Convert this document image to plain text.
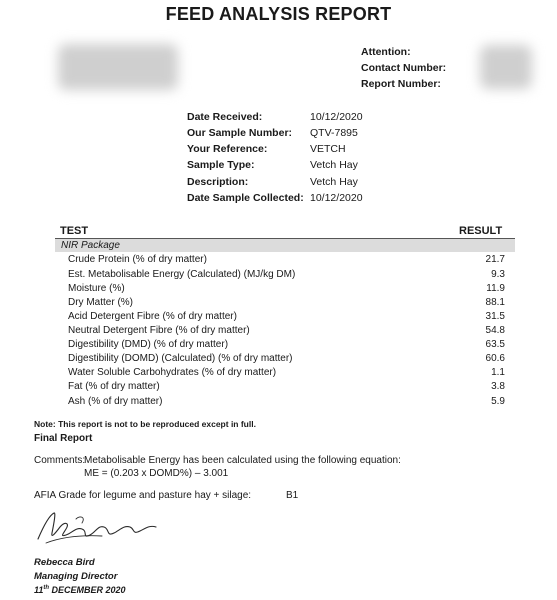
FEED ANALYSIS REPORT
Attention:
Contact Number:
Report Number:
Date Received:	10/12/2020
Our Sample Number: QTV-7895
Your Reference:	VETCH
Sample Type:	Vetch Hay
Description:	Vetch Hay
Date Sample Collected: 10/12/2020
TEST	RESULT
NIR Package
Crude Protein (% of dry matter)	21.7
Est. Metabolisable Energy (Calculated) (MJ/kg DM)	9.3
Moisture (%)	11.9
Dry Matter (%)	88.1
Acid Detergent Fibre (% of dry matter)	31.5
Neutral Detergent Fibre (% of dry matter)	54.8
Digestibility (DMD) (% of dry matter)	63.5
Digestibility (DOMD) (Calculated) (% of dry matter)	60.6
Water Soluble Carbohydrates (% of dry matter)	1.1
Fat (% of dry matter)	3.8
Ash (% of dry matter)	5.9
Note: This report is not to be reproduced except in full.
Final Report
Comments:
Metabolisable Energy has been calculated using the following equation:
ME = (0.203 x DOMD%) – 3.001
AFIA Grade for legume and pasture hay + silage:	B1
Rebecca Bird
Managing Director
11th DECEMBER 2020
